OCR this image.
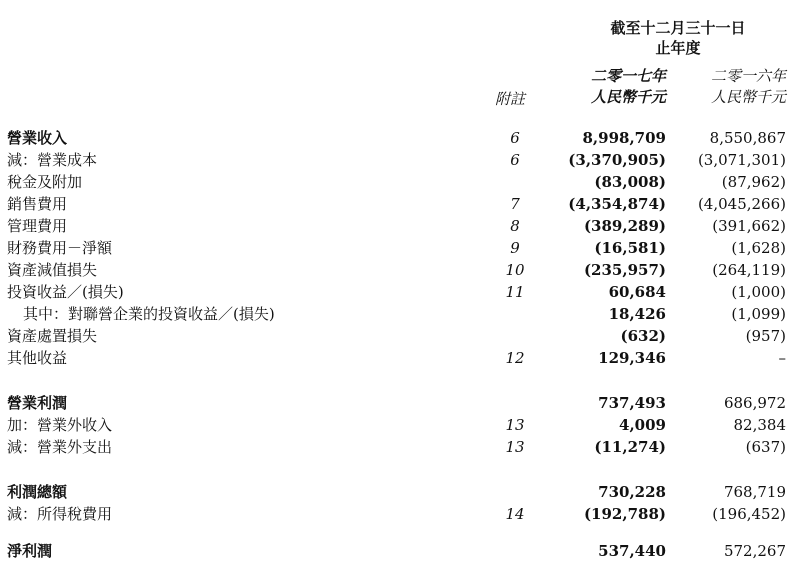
截至十二月三十一日
止年度
附註
二零一七年
人民幣千元
二零一六年
人民幣千元
營業收入	6	8,998,709	8,550,867
減：營業成本	6	(3,370,905) (3,071,301)
稅金及附加	(83,008)	(87,962)
銷售費用	7	(4,354,874) (4,045,266)
管理費用	8	(389,289)	(391,662)
財務費用－淨額	9	(16,581)	(1,628)
資產減值損失	10	(235,957)	(264,119)
投資收益／(損失)	11	60,684	(1,000)
其中：對聯營企業的投資收益／(損失)	18,426	(1,099)
資產處置損失	(632)	(957)
其他收益	12	129,346	–
營業利潤	737,493	686,972
加：營業外收入	13	4,009	82,384
減：營業外支出	13	(11,274)	(637)
利潤總額	730,228	768,719
減：所得稅費用	14	(192,788)	(196,452)
淨利潤	537,440	572,267
